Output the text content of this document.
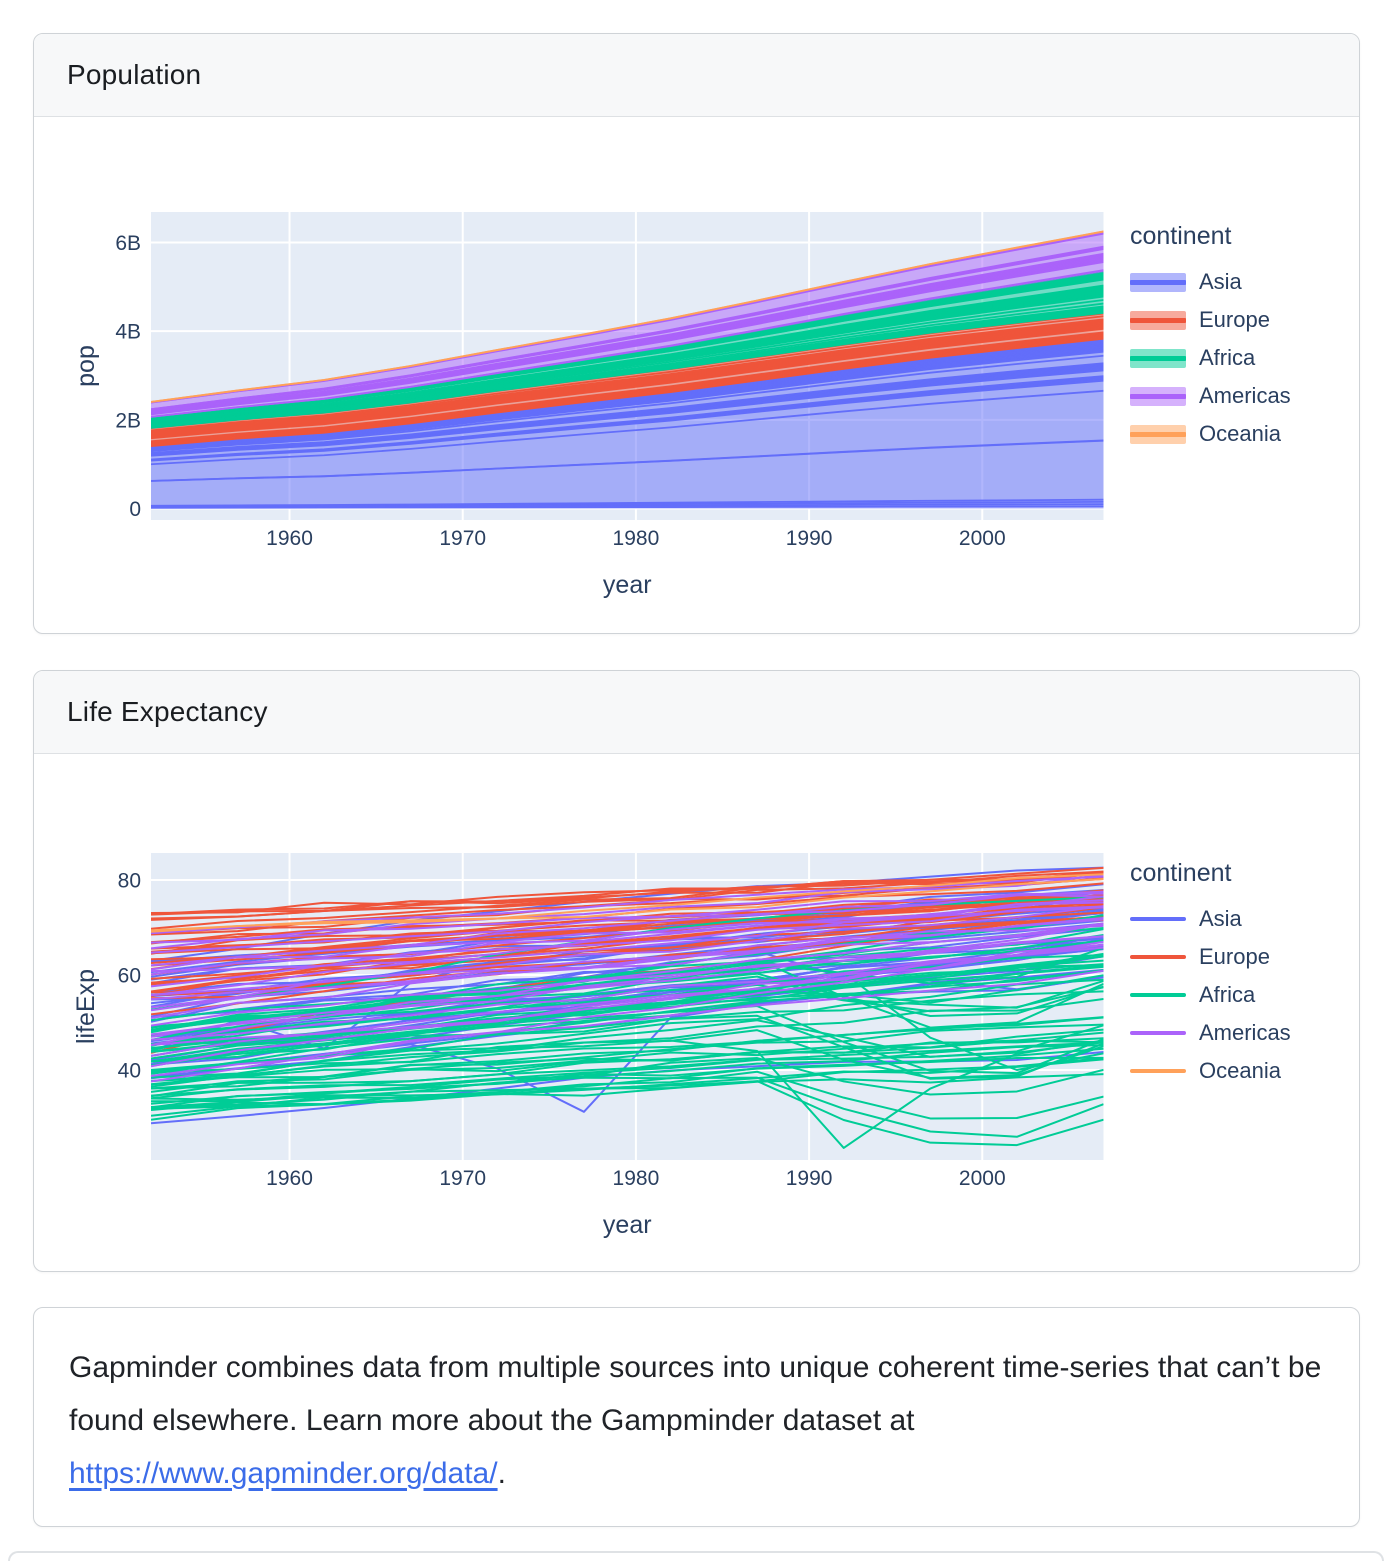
Population
0
2B
4B
6B
1960	1970	1980	1990	2000
year
pop
continent
Asia
Europe
Africa
Americas
Oceania
Life Expectancy
40
60
80
1960	1970	1980	1990	2000
year
lifeExp
continent
Asia
Europe
Africa
Americas
Oceania

Gapminder combines data from multiple sources into unique coherent time-series that can’t be found elsewhere. Learn more about the Gampminder dataset at https://www.gapminder.org/data/.
